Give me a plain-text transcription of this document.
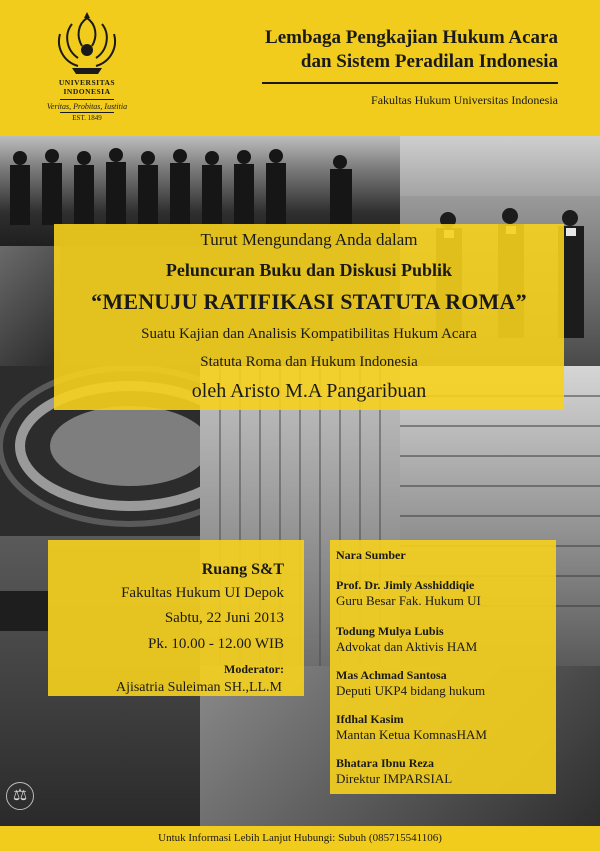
UNIVERSITAS
INDONESIA
Veritas, Probitas, Iustitia
EST. 1849
Lembaga Pengkajian Hukum Acara
dan Sistem Peradilan Indonesia
Fakultas Hukum Universitas Indonesia
⚖
Turut Mengundang Anda dalam
Peluncuran Buku dan Diskusi Publik
“MENUJU RATIFIKASI STATUTA ROMA”
Suatu Kajian dan Analisis Kompatibilitas Hukum Acara
Statuta Roma dan Hukum Indonesia
oleh Aristo M.A Pangaribuan
Ruang S&T
Fakultas Hukum UI Depok
Sabtu, 22 Juni 2013
Pk. 10.00 - 12.00 WIB
Moderator:
Ajisatria Suleiman SH.,LL.M
Nara Sumber
Prof. Dr. Jimly Asshiddiqie
Guru Besar Fak. Hukum UI
Todung Mulya Lubis
Advokat dan Aktivis HAM
Mas Achmad Santosa
Deputi UKP4 bidang hukum
Ifdhal Kasim
Mantan Ketua KomnasHAM
Bhatara Ibnu Reza
Direktur IMPARSIAL
Untuk Informasi Lebih Lanjut Hubungi: Subuh (085715541106)
